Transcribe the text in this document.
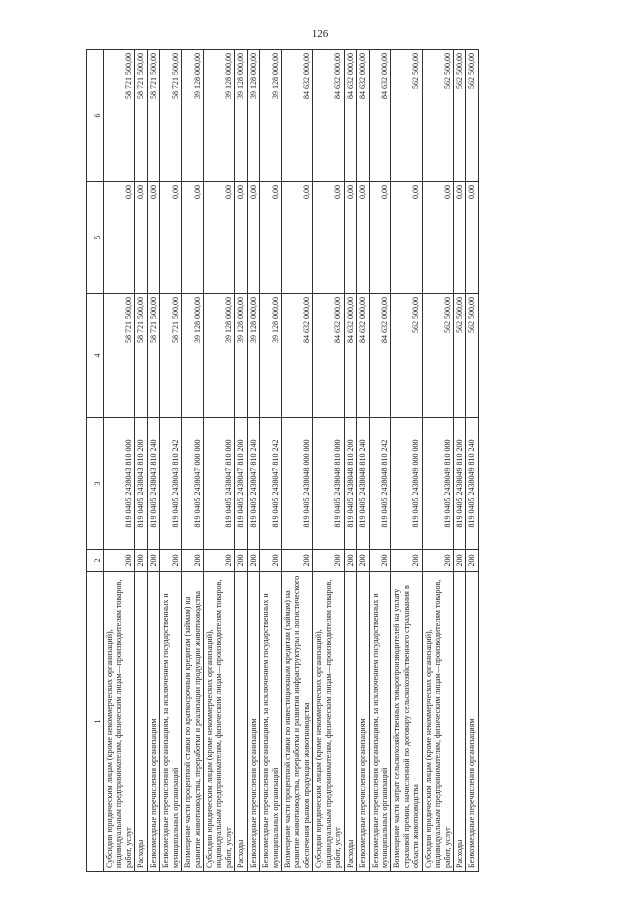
126
1	2	3	4	5	6
Субсидии юридическим лицам (кроме некоммерческих организаций), индивидуальным предпринимателям, физическим лицам—производителям товаров, работ, услуг	200	819 0405 2438043 810 000	58 721 500,00	0,00	58 721 500,00
Расходы	200	819 0405 2438043 810 200	58 721 500,00	0,00	58 721 500,00
Безвозмездные перечисления организациям	200	819 0405 2438043 810 240	58 721 500,00	0,00	58 721 500,00
Безвозмездные перечисления организациям, за исключением государственных и муниципальных организаций	200	819 0405 2438043 810 242	58 721 500,00	0,00	58 721 500,00
Возмещение части процентной ставки по краткосрочным кредитам (займам) на развитие животноводства, переработки и реализации продукции животноводства	200	819 0405 2438047 000 000	39 128 000,00	0,00	39 128 000,00
Субсидии юридическим лицам (кроме некоммерческих организаций), индивидуальным предпринимателям, физическим лицам—производителям товаров, работ, услуг	200	819 0405 2438047 810 000	39 128 000,00	0,00	39 128 000,00
Расходы	200	819 0405 2438047 810 200	39 128 000,00	0,00	39 128 000,00
Безвозмездные перечисления организациям	200	819 0405 2438047 810 240	39 128 000,00	0,00	39 128 000,00
Безвозмездные перечисления организациям, за исключением государственных и муниципальных организаций	200	819 0405 2438047 810 242	39 128 000,00	0,00	39 128 000,00
Возмещение части процентной ставки по инвестиционным кредитам (займам) на развитие животноводства, переработки и развития инфраструктуры и логистического обеспечения рынков продукции животноводства	200	819 0405 2438048 000 000	84 632 000,00	0,00	84 632 000,00
Субсидии юридическим лицам (кроме некоммерческих организаций), индивидуальным предпринимателям, физическим лицам—производителям товаров, работ, услуг	200	819 0405 2438048 810 000	84 632 000,00	0,00	84 632 000,00
Расходы	200	819 0405 2438048 810 200	84 632 000,00	0,00	84 632 000,00
Безвозмездные перечисления организациям	200	819 0405 2438048 810 240	84 632 000,00	0,00	84 632 000,00
Безвозмездные перечисления организациям, за исключением государственных и муниципальных организаций	200	819 0405 2438048 810 242	84 632 000,00	0,00	84 632 000,00
Возмещение части затрат сельскохозяйственных товаропроизводителей на уплату страховой премии, начисленной по договору сельскохозяйственного страхования в области животноводства	200	819 0405 2438049 000 000	562 500,00	0,00	562 500,00
Субсидии юридическим лицам (кроме некоммерческих организаций), индивидуальным предпринимателям, физическим лицам—производителям товаров, работ, услуг	200	819 0405 2438049 810 000	562 500,00	0,00	562 500,00
Расходы	200	819 0405 2438049 810 200	562 500,00	0,00	562 500,00
Безвозмездные перечисления организациям	200	819 0405 2438049 810 240	562 500,00	0,00	562 500,00
